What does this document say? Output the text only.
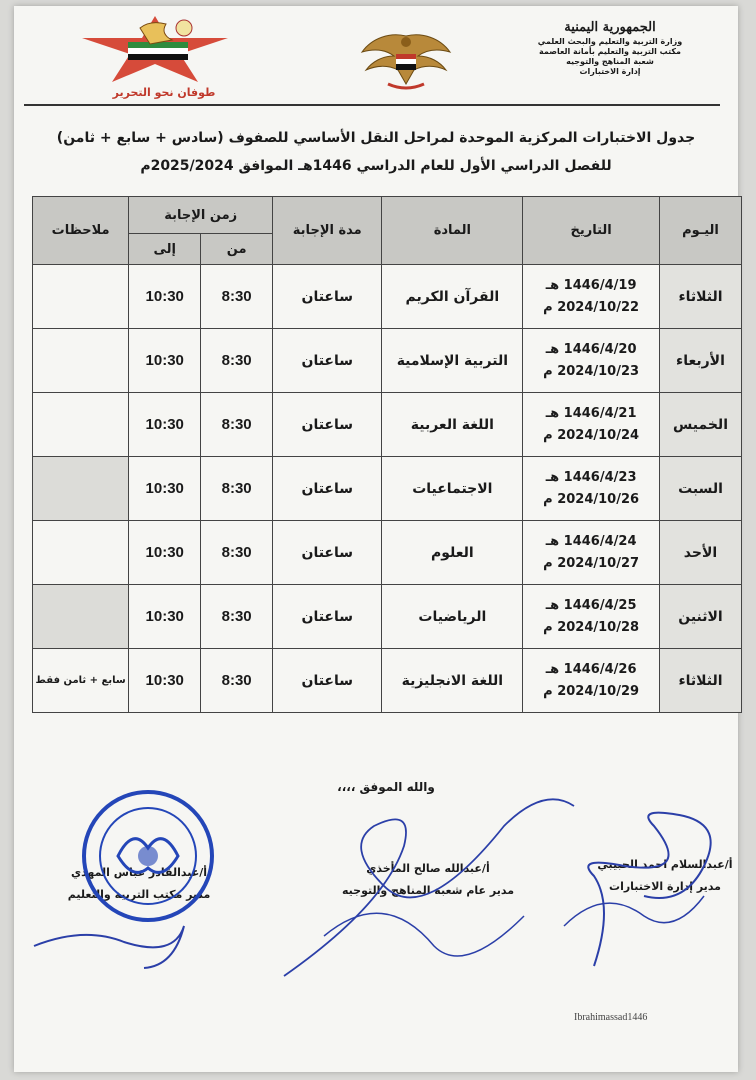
الجمهورية اليمنية
وزارة التربية والتعليم والبحث العلمي
مكتب التربية والتعليم بأمانة العاصمة
شعبة المناهج والتوجيه
إدارة الاختبارات
طوفان نحو التحرير
جدول الاختبارات المركزية الموحدة لمراحل النقل الأساسي للصفوف (سادس + سابع + ثامن)
للفصل الدراسي الأول للعام الدراسي 1446هـ الموافق 2025/2024م
اليـوم	التاريخ	المادة	مدة الإجابة	زمن الإجابة		ملاحظات
				من	إلى	
الثلاثاء	1446/4/19 هـ
2024/10/22 م	القرآن الكريم	ساعتان	8:30	10:30	
الأربعاء	1446/4/20 هـ
2024/10/23 م	التربية الإسلامية	ساعتان	8:30	10:30	
الخميس	1446/4/21 هـ
2024/10/24 م	اللغة العربية	ساعتان	8:30	10:30	
السبت	1446/4/23 هـ
2024/10/26 م	الاجتماعيات	ساعتان	8:30	10:30	
الأحد	1446/4/24 هـ
2024/10/27 م	العلوم	ساعتان	8:30	10:30	
الاثنين	1446/4/25 هـ
2024/10/28 م	الرياضيات	ساعتان	8:30	10:30	
الثلاثاء	1446/4/26 هـ
2024/10/29 م	اللغة الانجليزية	ساعتان	8:30	10:30	سابع + ثامن فقط
والله الموفق ،،،،
أ/عبدالسلام احمد الحبيبي
مدير إدارة الاختبارات
أ/عبدالله صالح المأخذي
مدير عام شعبة المناهج والتوجيه
أ/عبدالقادر عباس المهدي
مدير مكتب التربية والتعليم
Ibrahimassad1446
